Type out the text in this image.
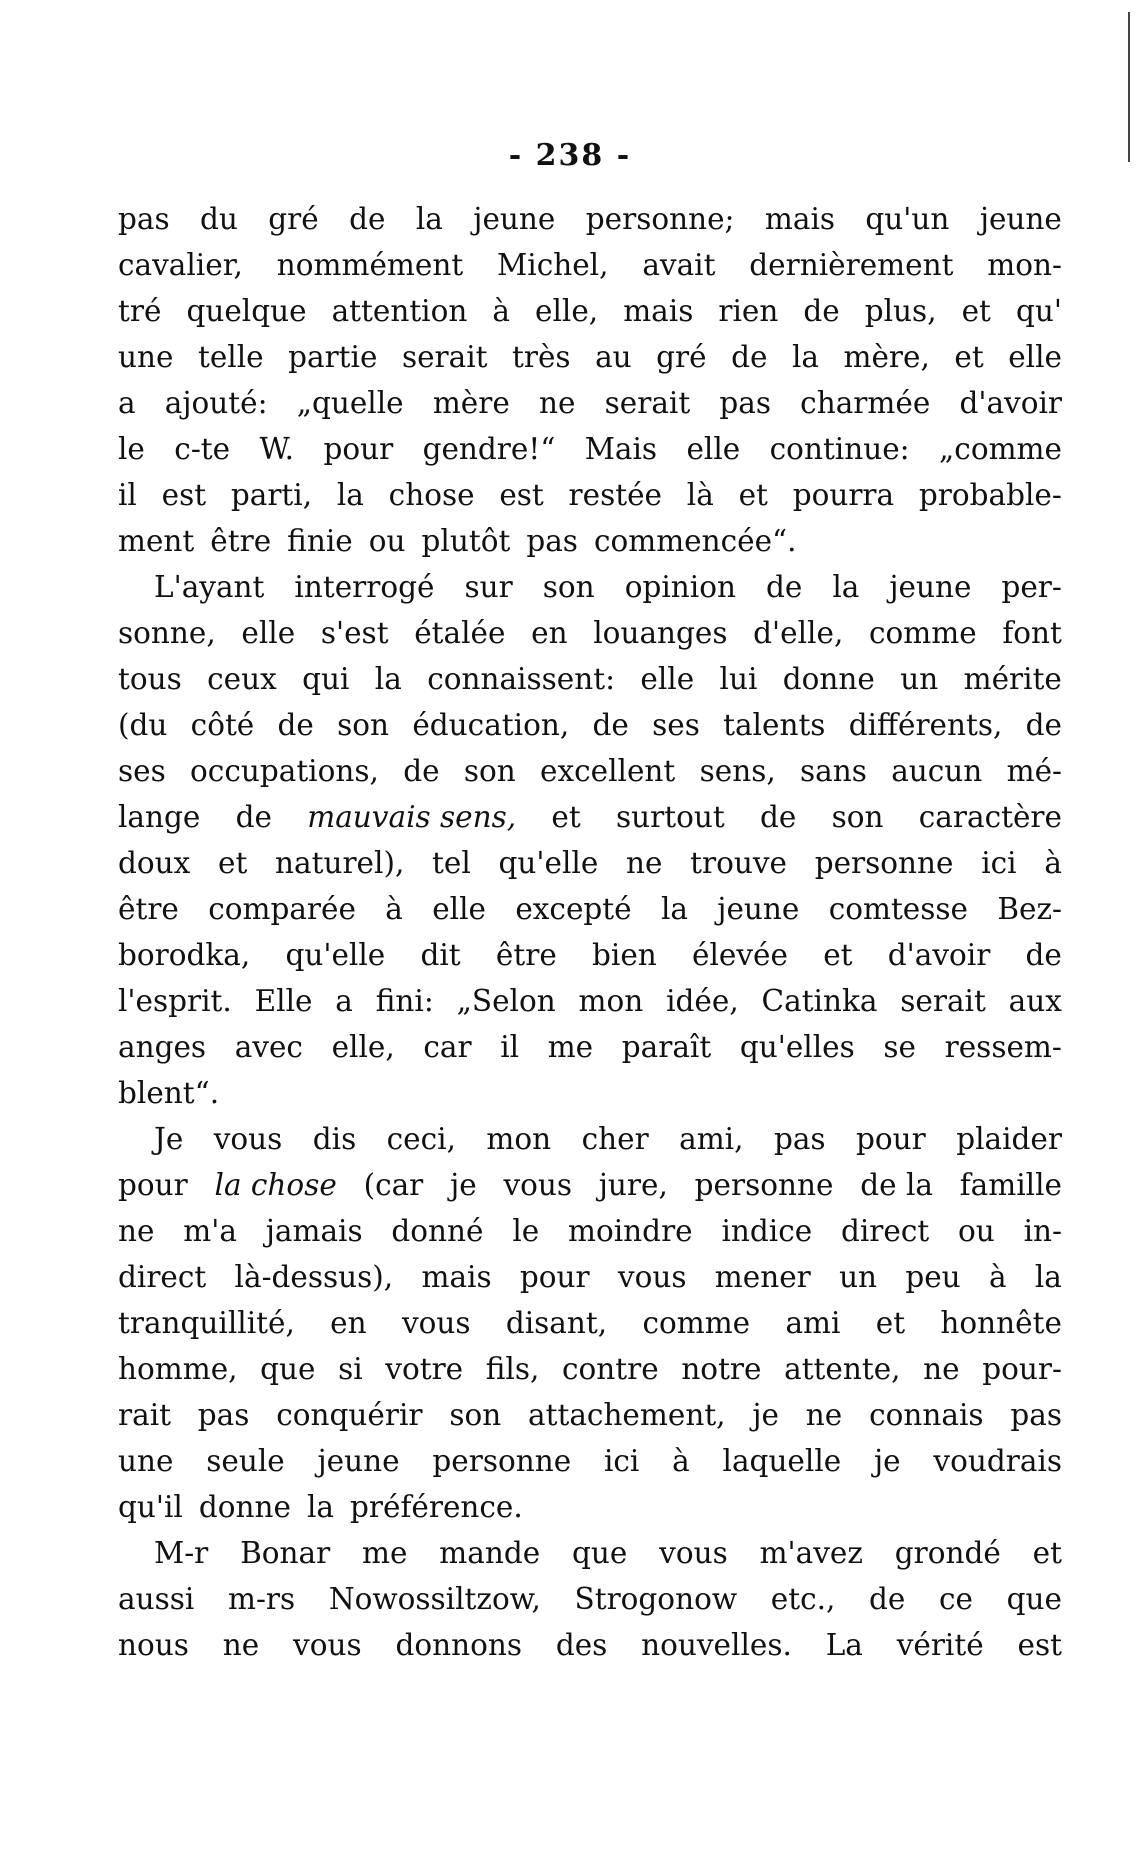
- 238 -
pas du gré de la jeune personne; mais qu'un jeune
cavalier, nommément Michel, avait dernièrement mon-
tré quelque attention à elle, mais rien de plus, et qu'
une telle partie serait très au gré de la mère, et elle
a ajouté: „quelle mère ne serait pas charmée d'avoir
le c-te W. pour gendre!“ Mais elle continue: „comme
il est parti, la chose est restée là et pourra probable-
ment être finie ou plutôt pas commencée“.
L'ayant interrogé sur son opinion de la jeune per-
sonne, elle s'est étalée en louanges d'elle, comme font
tous ceux qui la connaissent: elle lui donne un mérite
(du côté de son éducation, de ses talents différents, de
ses occupations, de son excellent sens, sans aucun mé-
lange de mauvais sens, et surtout de son caractère
doux et naturel), tel qu'elle ne trouve personne ici à
être comparée à elle excepté la jeune comtesse Bez-
borodka, qu'elle dit être bien élevée et d'avoir de
l'esprit. Elle a fini: „Selon mon idée, Catinka serait aux
anges avec elle, car il me paraît qu'elles se ressem-
blent“.
Je vous dis ceci, mon cher ami, pas pour plaider
pour la chose (car je vous jure, personne de la famille
ne m'a jamais donné le moindre indice direct ou in-
direct là-dessus), mais pour vous mener un peu à la
tranquillité, en vous disant, comme ami et honnête
homme, que si votre fils, contre notre attente, ne pour-
rait pas conquérir son attachement, je ne connais pas
une seule jeune personne ici à laquelle je voudrais
qu'il donne la préférence.
M-r Bonar me mande que vous m'avez grondé et
aussi m-rs Nowossiltzow, Strogonow etc., de ce que
nous ne vous donnons des nouvelles. La vérité est
